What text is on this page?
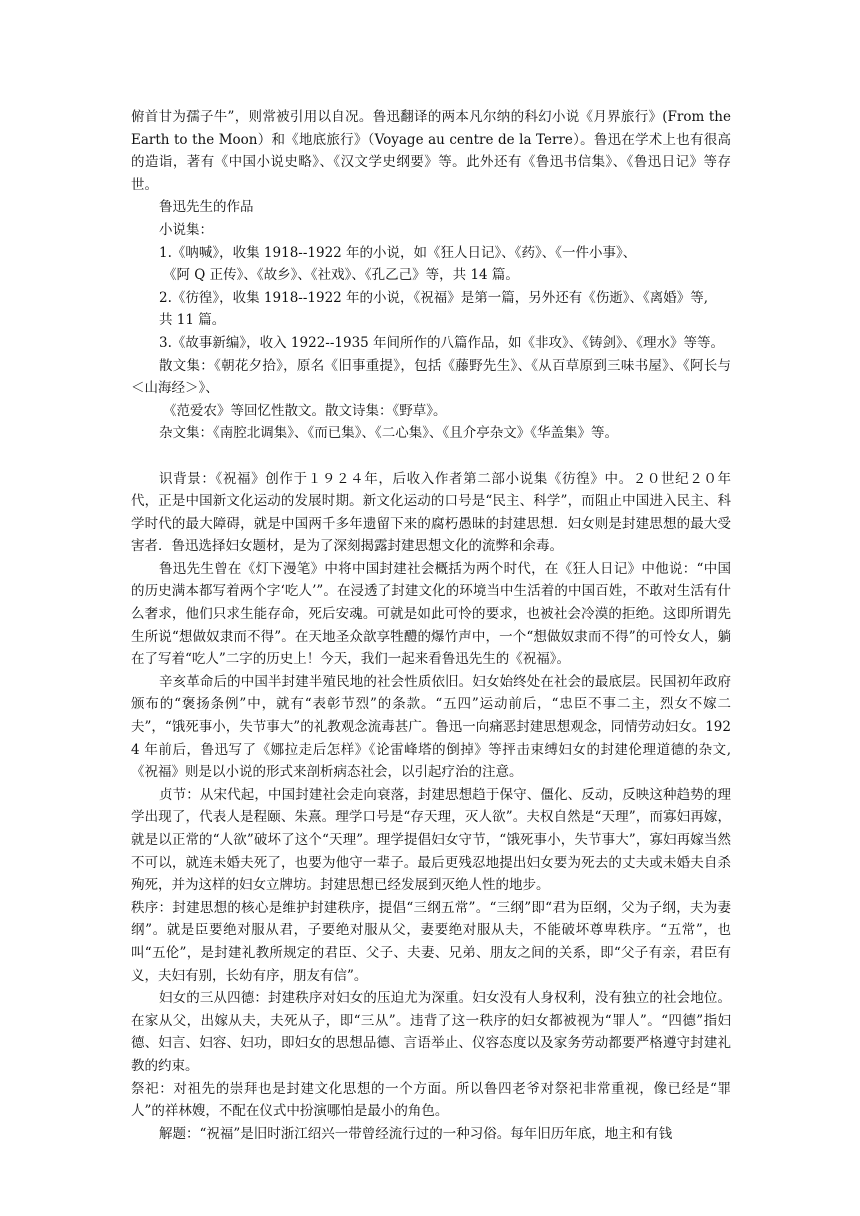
俯首甘为孺子牛”，则常被引用以自况。鲁迅翻译的两本凡尔纳的科幻小说《月界旅行》(From the Earth to the Moon）和《地底旅行》（Voyage au centre de la Terre）。鲁迅在学术上也有很高的造诣，著有《中国小说史略》、《汉文学史纲要》等。此外还有《鲁迅书信集》、《鲁迅日记》等存世。

鲁迅先生的作品

小说集：

1.《呐喊》，收集 1918--1922 年的小说，如《狂人日记》、《药》、《一件小事》、

《阿 Q 正传》、《故乡》、《社戏》、《孔乙己》等，共 14 篇。

2.《彷徨》，收集 1918--1922 年的小说，《祝福》是第一篇，另外还有《伤逝》、《离婚》等,

共 11 篇。

3.《故事新编》，收入 1922--1935 年间所作的八篇作品，如《非攻》、《铸剑》、《理水》等等。

散文集：《朝花夕拾》，原名《旧事重提》，包括《藤野先生》、《从百草原到三味书屋》、《阿长与＜山海经＞》、

《范爱农》等回忆性散文。散文诗集：《野草》。

杂文集：《南腔北调集》、《而已集》、《二心集》、《且介亭杂文》《华盖集》等。

识背景：《祝福》创作于１９２４年，后收入作者第二部小说集《彷徨》中。２０世纪２０年代，正是中国新文化运动的发展时期。新文化运动的口号是“民主、科学”，而阻止中国进入民主、科学时代的最大障碍，就是中国两千多年遗留下来的腐朽愚昧的封建思想．妇女则是封建思想的最大受害者．鲁迅选择妇女题材，是为了深刻揭露封建思想文化的流弊和余毒。

鲁迅先生曾在《灯下漫笔》中将中国封建社会概括为两个时代，在《狂人日记》中他说：“中国的历史满本都写着两个字‘吃人’”。在浸透了封建文化的环境当中生活着的中国百姓，不敢对生活有什么奢求，他们只求生能存命，死后安魂。可就是如此可怜的要求，也被社会冷漠的拒绝。这即所谓先生所说“想做奴隶而不得”。在天地圣众歆享牲醴的爆竹声中，一个“想做奴隶而不得”的可怜女人，躺在了写着“吃人”二字的历史上！今天，我们一起来看鲁迅先生的《祝福》。

辛亥革命后的中国半封建半殖民地的社会性质依旧。妇女始终处在社会的最底层。民国初年政府颁布的“褒扬条例”中，就有“表彰节烈”的条款。“五四”运动前后，“忠臣不事二主，烈女不嫁二夫”，“饿死事小，失节事大”的礼教观念流毒甚广。鲁迅一向痛恶封建思想观念，同情劳动妇女。1924 年前后，鲁迅写了《娜拉走后怎样》《论雷峰塔的倒掉》等抨击束缚妇女的封建伦理道德的杂文,《祝福》则是以小说的形式来剖析病态社会，以引起疗治的注意。

贞节：从宋代起，中国封建社会走向衰落，封建思想趋于保守、僵化、反动，反映这种趋势的理学出现了，代表人是程颐、朱熹。理学口号是“存天理，灭人欲”。夫权自然是“天理”，而寡妇再嫁，就是以正常的“人欲”破坏了这个“天理”。理学提倡妇女守节，“饿死事小，失节事大”，寡妇再嫁当然不可以，就连未婚夫死了，也要为他守一辈子。最后更残忍地提出妇女要为死去的丈夫或未婚夫自杀殉死，并为这样的妇女立牌坊。封建思想已经发展到灭绝人性的地步。

秩序：封建思想的核心是维护封建秩序，提倡“三纲五常”。“三纲”即“君为臣纲，父为子纲，夫为妻纲”。就是臣要绝对服从君，子要绝对服从父，妻要绝对服从夫，不能破坏尊卑秩序。“五常”，也叫“五伦”，是封建礼教所规定的君臣、父子、夫妻、兄弟、朋友之间的关系，即“父子有亲，君臣有义，夫妇有别，长幼有序，朋友有信”。

妇女的三从四德：封建秩序对妇女的压迫尤为深重。妇女没有人身权利，没有独立的社会地位。在家从父，出嫁从夫，夫死从子，即“三从”。违背了这一秩序的妇女都被视为“罪人”。“四德”指妇德、妇言、妇容、妇功，即妇女的思想品德、言语举止、仪容态度以及家务劳动都要严格遵守封建礼教的约束。

祭祀：对祖先的崇拜也是封建文化思想的一个方面。所以鲁四老爷对祭祀非常重视，像已经是“罪人”的祥林嫂，不配在仪式中扮演哪怕是最小的角色。

解题：“祝福”是旧时浙江绍兴一带曾经流行过的一种习俗。每年旧历年底，地主和有钱
